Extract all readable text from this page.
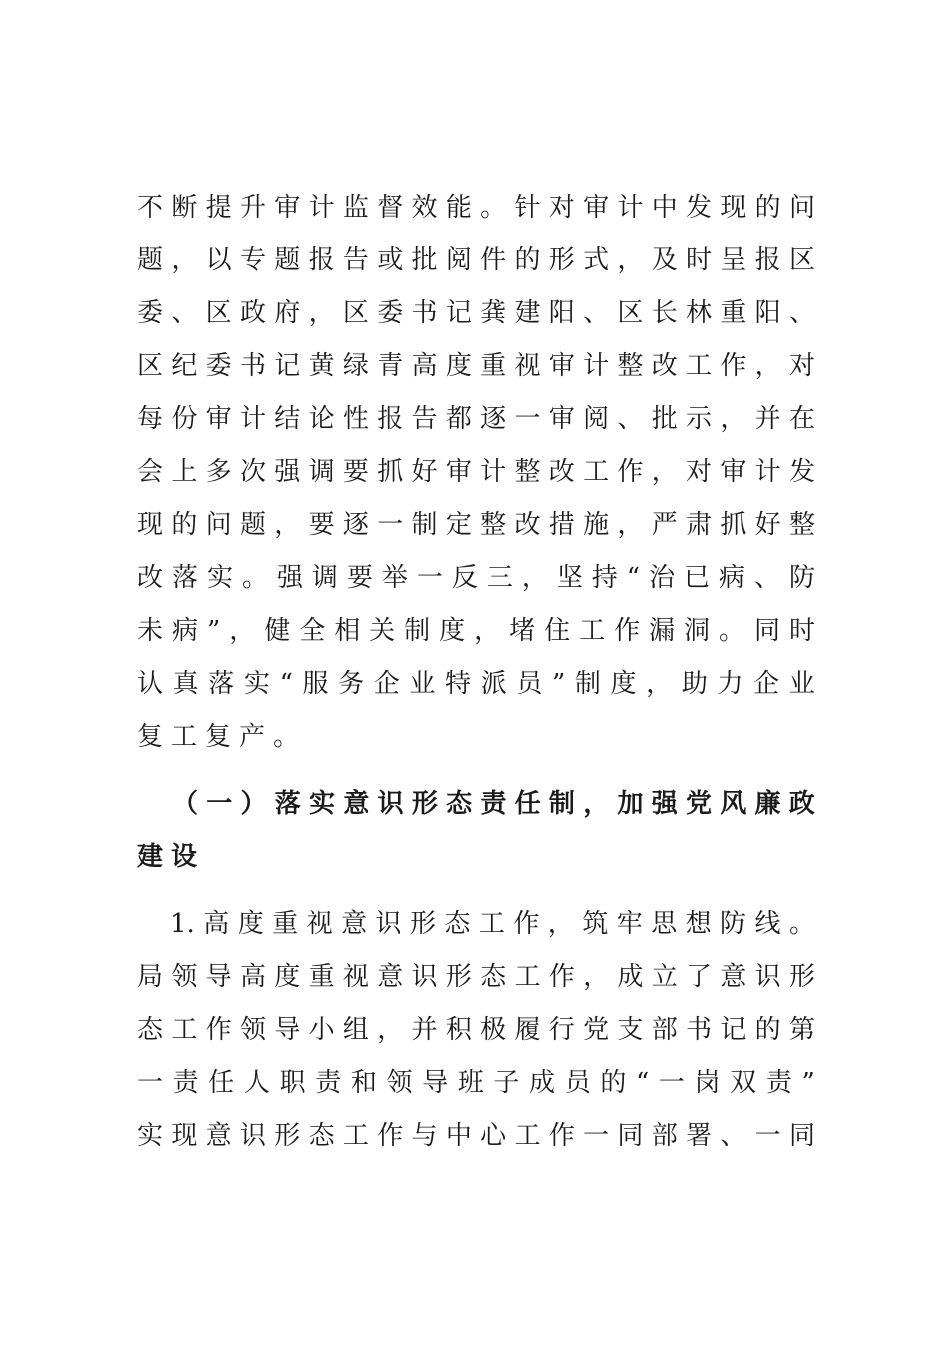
不 断 提 升 审 计 监 督 效 能 。 针 对 审 计 中 发 现 的 问
题 ， 以 专 题 报 告 或 批 阅 件 的 形 式 ， 及 时 呈 报 区
委 、 区 政 府 ， 区 委 书 记 龚 建 阳 、 区 长 林 重 阳 、
区 纪 委 书 记 黄 绿 青 高 度 重 视 审 计 整 改 工 作 ， 对
每 份 审 计 结 论 性 报 告 都 逐 一 审 阅 、 批 示 ， 并 在
会 上 多 次 强 调 要 抓 好 审 计 整 改 工 作 ， 对 审 计 发
现 的 问 题 ， 要 逐 一 制 定 整 改 措 施 ， 严 肃 抓 好 整
改 落 实 。 强 调 要 举 一 反 三 ， 坚 持 “ 治 已 病 、 防
未 病 ” ， 健 全 相 关 制 度 ， 堵 住 工 作 漏 洞 。 同 时
认 真 落 实 “ 服 务 企 业 特 派 员 ” 制 度 ， 助 力 企 业
复 工 复 产 。
（ 一 ） 落 实 意 识 形 态 责 任 制 ， 加 强 党 风 廉 政
建 设
1. 高 度 重 视 意 识 形 态 工 作 ， 筑 牢 思 想 防 线 。
局 领 导 高 度 重 视 意 识 形 态 工 作 ， 成 立 了 意 识 形
态 工 作 领 导 小 组 ， 并 积 极 履 行 党 支 部 书 记 的 第
一 责 任 人 职 责 和 领 导 班 子 成 员 的 “ 一 岗 双 责 ”
实 现 意 识 形 态 工 作 与 中 心 工 作 一 同 部 署 、 一 同
